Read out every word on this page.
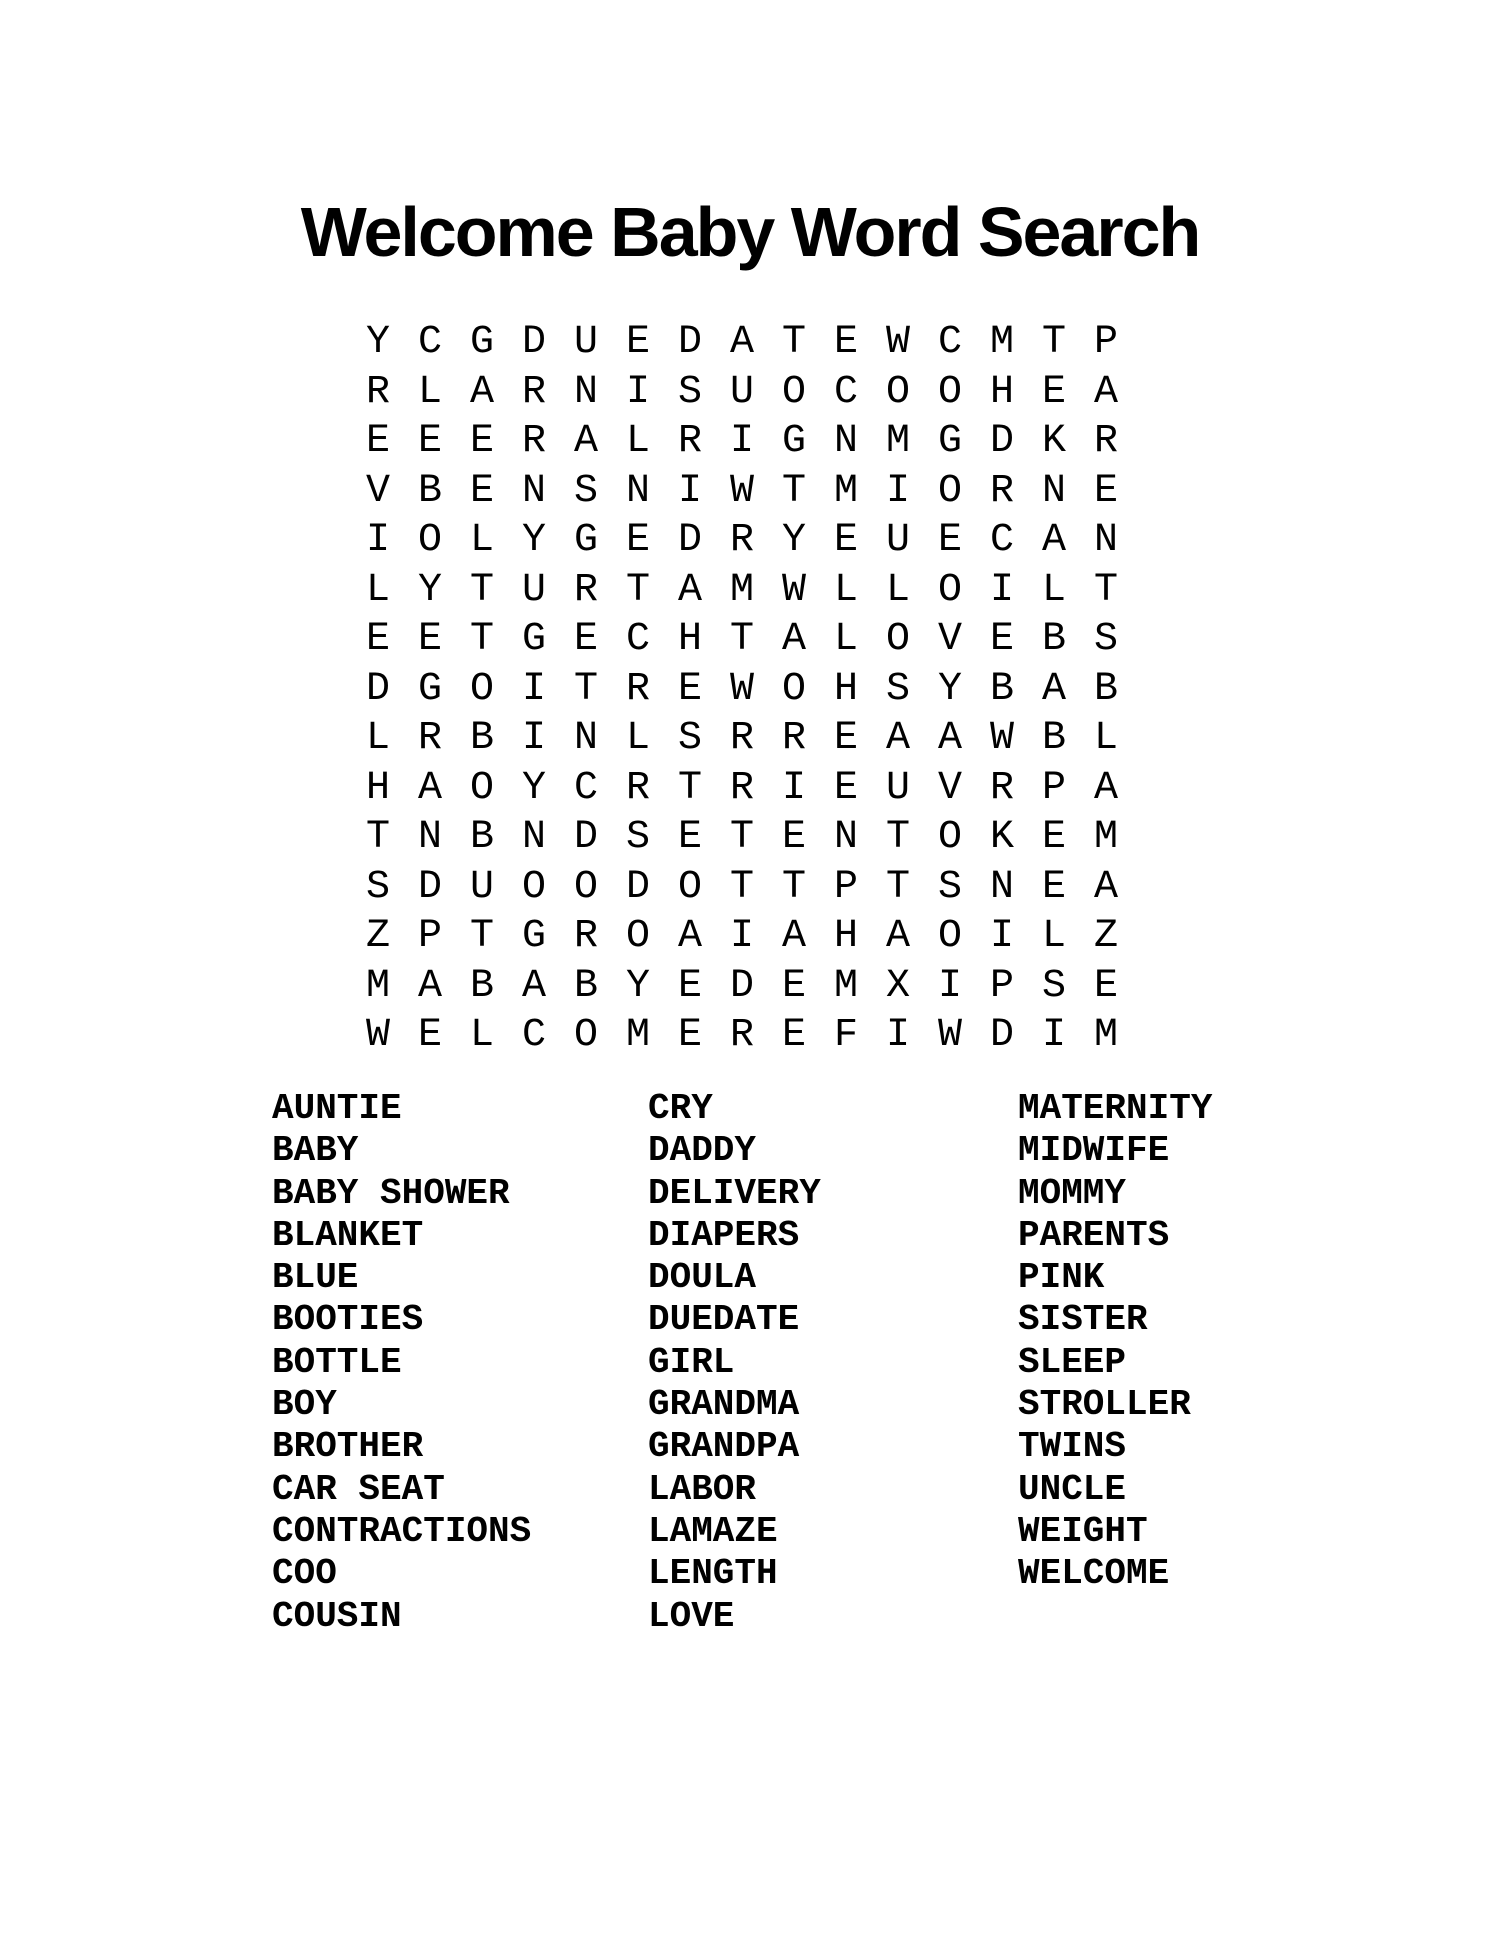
Welcome Baby Word Search
Y C G D U E D A T E W C M T P
R L A R N I S U O C O O H E A
E E E R A L R I G N M G D K R
V B E N S N I W T M I O R N E
I O L Y G E D R Y E U E C A N
L Y T U R T A M W L L O I L T
E E T G E C H T A L O V E B S
D G O I T R E W O H S Y B A B
L R B I N L S R R E A A W B L
H A O Y C R T R I E U V R P A
T N B N D S E T E N T O K E M
S D U O O D O T T P T S N E A
Z P T G R O A I A H A O I L Z
M A B A B Y E D E M X I P S E
W E L C O M E R E F I W D I M
AUNTIE
BABY
BABY SHOWER
BLANKET
BLUE
BOOTIES
BOTTLE
BOY
BROTHER
CAR SEAT
CONTRACTIONS
COO
COUSIN
CRY
DADDY
DELIVERY
DIAPERS
DOULA
DUEDATE
GIRL
GRANDMA
GRANDPA
LABOR
LAMAZE
LENGTH
LOVE
MATERNITY
MIDWIFE
MOMMY
PARENTS
PINK
SISTER
SLEEP
STROLLER
TWINS
UNCLE
WEIGHT
WELCOME
